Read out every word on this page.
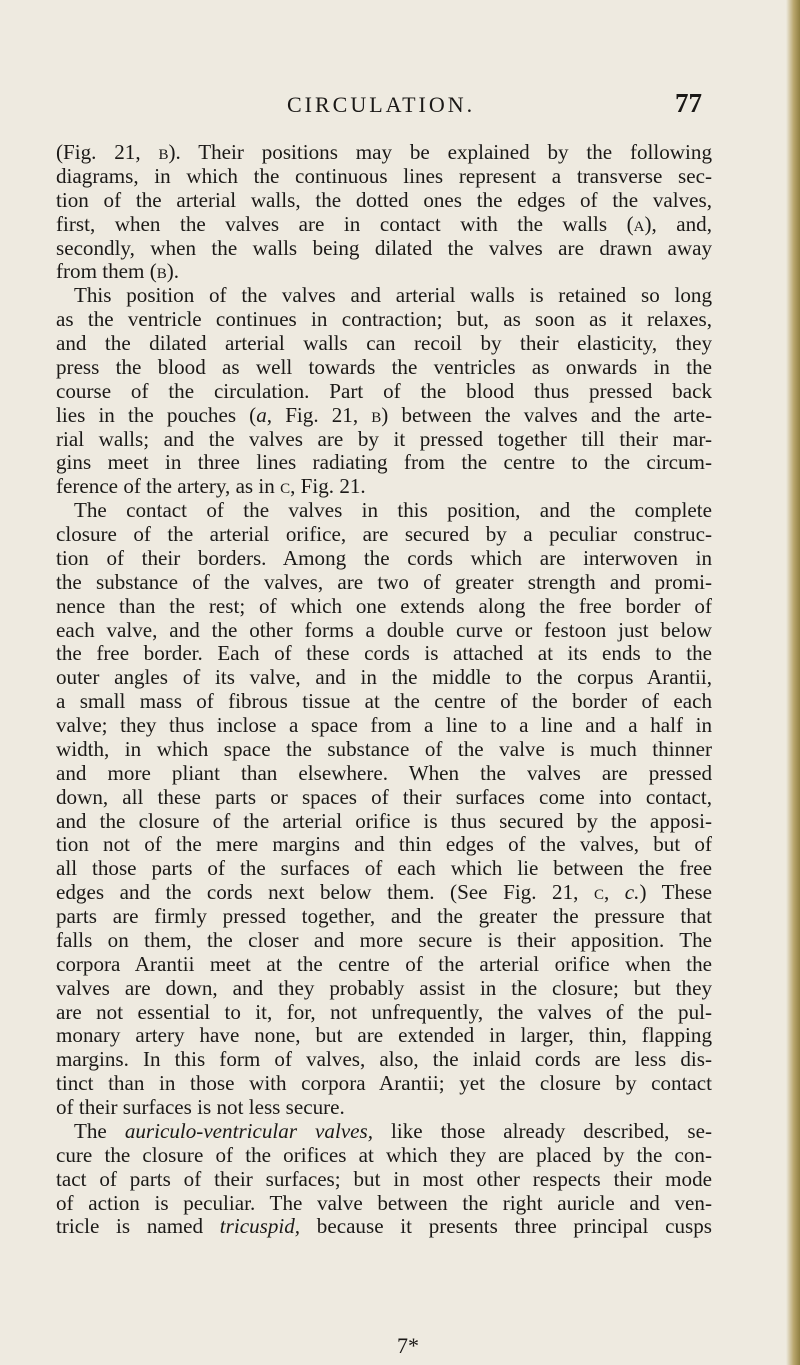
CIRCULATION.	77
(Fig. 21, b). Their positions may be explained by the following
diagrams, in which the continuous lines represent a transverse sec-
tion of the arterial walls, the dotted ones the edges of the valves,
first, when the valves are in contact with the walls (a), and,
secondly, when the walls being dilated the valves are drawn away
from them (b).
This position of the valves and arterial walls is retained so long
as the ventricle continues in contraction; but, as soon as it relaxes,
and the dilated arterial walls can recoil by their elasticity, they
press the blood as well towards the ventricles as onwards in the
course of the circulation. Part of the blood thus pressed back
lies in the pouches (a, Fig. 21, b) between the valves and the arte-
rial walls; and the valves are by it pressed together till their mar-
gins meet in three lines radiating from the centre to the circum-
ference of the artery, as in c, Fig. 21.
The contact of the valves in this position, and the complete
closure of the arterial orifice, are secured by a peculiar construc-
tion of their borders. Among the cords which are interwoven in
the substance of the valves, are two of greater strength and promi-
nence than the rest; of which one extends along the free border of
each valve, and the other forms a double curve or festoon just below
the free border. Each of these cords is attached at its ends to the
outer angles of its valve, and in the middle to the corpus Arantii,
a small mass of fibrous tissue at the centre of the border of each
valve; they thus inclose a space from a line to a line and a half in
width, in which space the substance of the valve is much thinner
and more pliant than elsewhere. When the valves are pressed
down, all these parts or spaces of their surfaces come into contact,
and the closure of the arterial orifice is thus secured by the apposi-
tion not of the mere margins and thin edges of the valves, but of
all those parts of the surfaces of each which lie between the free
edges and the cords next below them. (See Fig. 21, c, c.) These
parts are firmly pressed together, and the greater the pressure that
falls on them, the closer and more secure is their apposition. The
corpora Arantii meet at the centre of the arterial orifice when the
valves are down, and they probably assist in the closure; but they
are not essential to it, for, not unfrequently, the valves of the pul-
monary artery have none, but are extended in larger, thin, flapping
margins. In this form of valves, also, the inlaid cords are less dis-
tinct than in those with corpora Arantii; yet the closure by contact
of their surfaces is not less secure.
The auriculo-ventricular valves, like those already described, se-
cure the closure of the orifices at which they are placed by the con-
tact of parts of their surfaces; but in most other respects their mode
of action is peculiar. The valve between the right auricle and ven-
tricle is named tricuspid, because it presents three principal cusps
7*
